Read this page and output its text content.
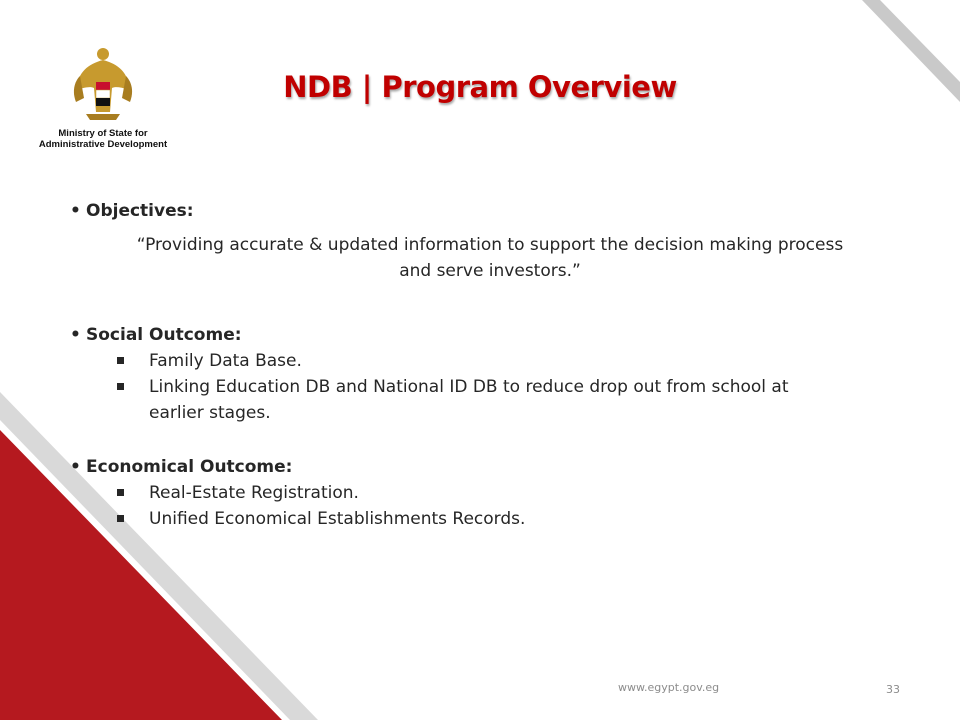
Ministry of State for
Administrative Development
NDB | Program Overview
• Objectives:
“Providing accurate & updated information to support the decision making process
and serve investors.”
• Social Outcome:
Family Data Base.
Linking Education DB and National ID DB to reduce drop out from school at
earlier stages.
• Economical Outcome:
Real-Estate Registration.
Unified Economical Establishments Records.
www.egypt.gov.eg	33
